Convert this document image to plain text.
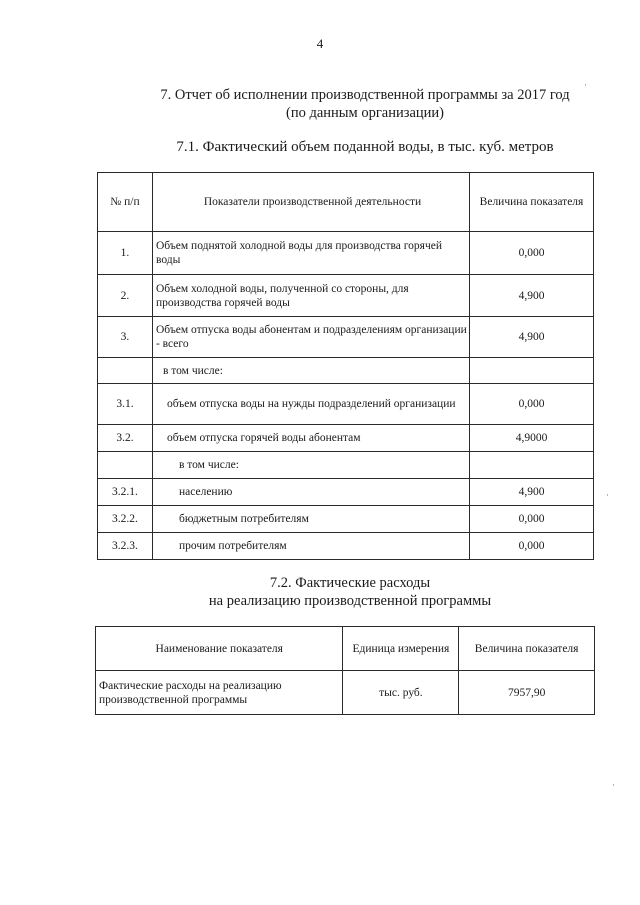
4
7. Отчет об исполнении производственной программы за 2017 год
(по данным организации)
7.1. Фактический объем поданной воды, в тыс. куб. метров
№ п/п	Показатели производственной деятельности	Величина показателя
1.	Объем поднятой холодной воды для производства горячей воды	0,000
2.	Объем холодной воды, полученной со стороны, для производства горячей воды	4,900
3.	Объем отпуска воды абонентам и подразделениям организации - всего	4,900
	в том числе:	
3.1.	объем отпуска воды на нужды подразделений организации	0,000
3.2.	объем отпуска горячей воды абонентам	4,9000
	в том числе:	
3.2.1.	населению	4,900
3.2.2.	бюджетным потребителям	0,000
3.2.3.	прочим потребителям	0,000
7.2. Фактические расходы
на реализацию производственной программы
Наименование показателя	Единица измерения	Величина показателя
Фактические расходы на реализацию производственной программы	тыс. руб.	7957,90
·
·
·
